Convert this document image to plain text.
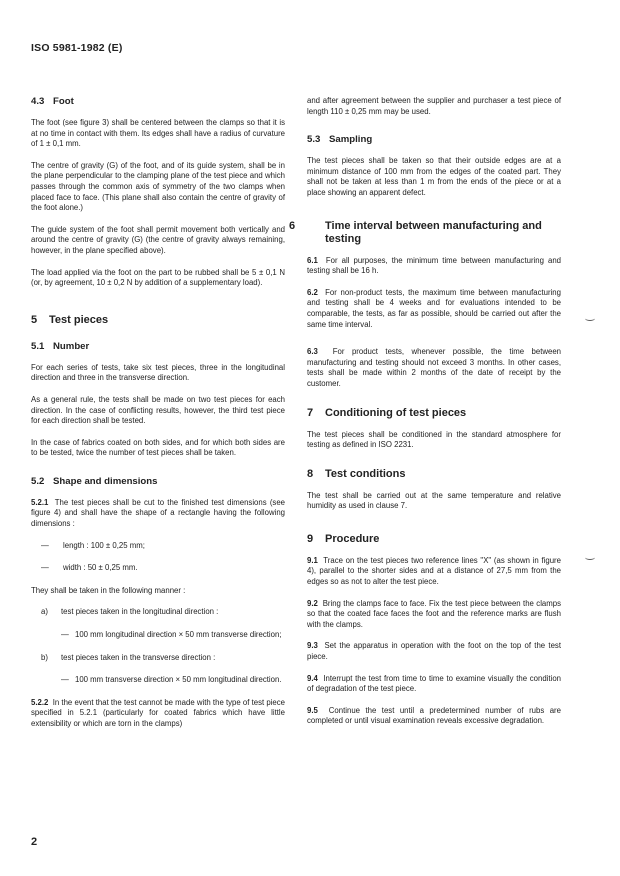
ISO 5981-1982 (E)
4.3 Foot

The foot (see figure 3) shall be centered between the clamps so that it is at no time in contact with them. Its edges shall have a radius of curvature of 1 ± 0,1 mm.

The centre of gravity (G) of the foot, and of its guide system, shall be in the plane perpendicular to the clamping plane of the test piece and which passes through the common axis of symmetry of the two clamps when placed face to face. (This plane shall also contain the centre of gravity of the foot alone.)

The guide system of the foot shall permit movement both vertically and around the centre of gravity (G) (the centre of gravity always remaining, however, in the plane specified above).

The load applied via the foot on the part to be rubbed shall be 5 ± 0,1 N (or, by agreement, 10 ± 0,2 N by addition of a supplementary load).

5 Test pieces
5.1 Number

For each series of tests, take six test pieces, three in the longitudinal direction and three in the transverse direction.

As a general rule, the tests shall be made on two test pieces for each direction. In the case of conflicting results, however, the third test piece for each direction shall be tested.

In the case of fabrics coated on both sides, and for which both sides are to be tested, twice the number of test pieces shall be taken.

5.2 Shape and dimensions

5.2.1 The test pieces shall be cut to the finished test dimensions (see figure 4) and shall have the shape of a rectangle having the following dimensions :

— length : 100 ± 0,25 mm;
— width : 50 ± 0,25 mm.

They shall be taken in the following manner :

a) test pieces taken in the longitudinal direction :
— 100 mm longitudinal direction × 50 mm transverse direction;
b) test pieces taken in the transverse direction :
— 100 mm transverse direction × 50 mm longitudinal direction.

5.2.2 In the event that the test cannot be made with the type of test piece specified in 5.2.1 (particularly for coated fabrics which have little extensibility or which are torn in the clamps)

and after agreement between the supplier and purchaser a test piece of length 110 ± 0,25 mm may be used.

5.3 Sampling

The test pieces shall be taken so that their outside edges are at a minimum distance of 100 mm from the edges of the coated part. They shall not be taken at less than 1 m from the ends of the piece or at a place showing an apparent defect.

6	Time interval between manufacturing and testing

6.1 For all purposes, the minimum time between manufacturing and testing shall be 16 h.

6.2 For non-product tests, the maximum time between manufacturing and testing shall be 4 weeks and for evaluations intended to be comparable, the tests, as far as possible, should be carried out after the same time interval.

6.3 For product tests, whenever possible, the time between manufacturing and testing should not exceed 3 months. In other cases, tests shall be made within 2 months of the date of receipt by the customer.

7 Conditioning of test pieces

The test pieces shall be conditioned in the standard atmosphere for testing as defined in ISO 2231.

8 Test conditions

The test shall be carried out at the same temperature and relative humidity as used in clause 7.

9 Procedure

9.1 Trace on the test pieces two reference lines "X" (as shown in figure 4), parallel to the shorter sides and at a distance of 27,5 mm from the edges so as not to alter the test piece.

9.2 Bring the clamps face to face. Fix the test piece between the clamps so that the coated face faces the foot and the reference marks are flush with the clamps.

9.3 Set the apparatus in operation with the foot on the top of the test piece.

9.4 Interrupt the test from time to time to examine visually the condition of degradation of the test piece.

9.5 Continue the test until a predetermined number of rubs are completed or until visual examination reveals excessive degradation.

2
